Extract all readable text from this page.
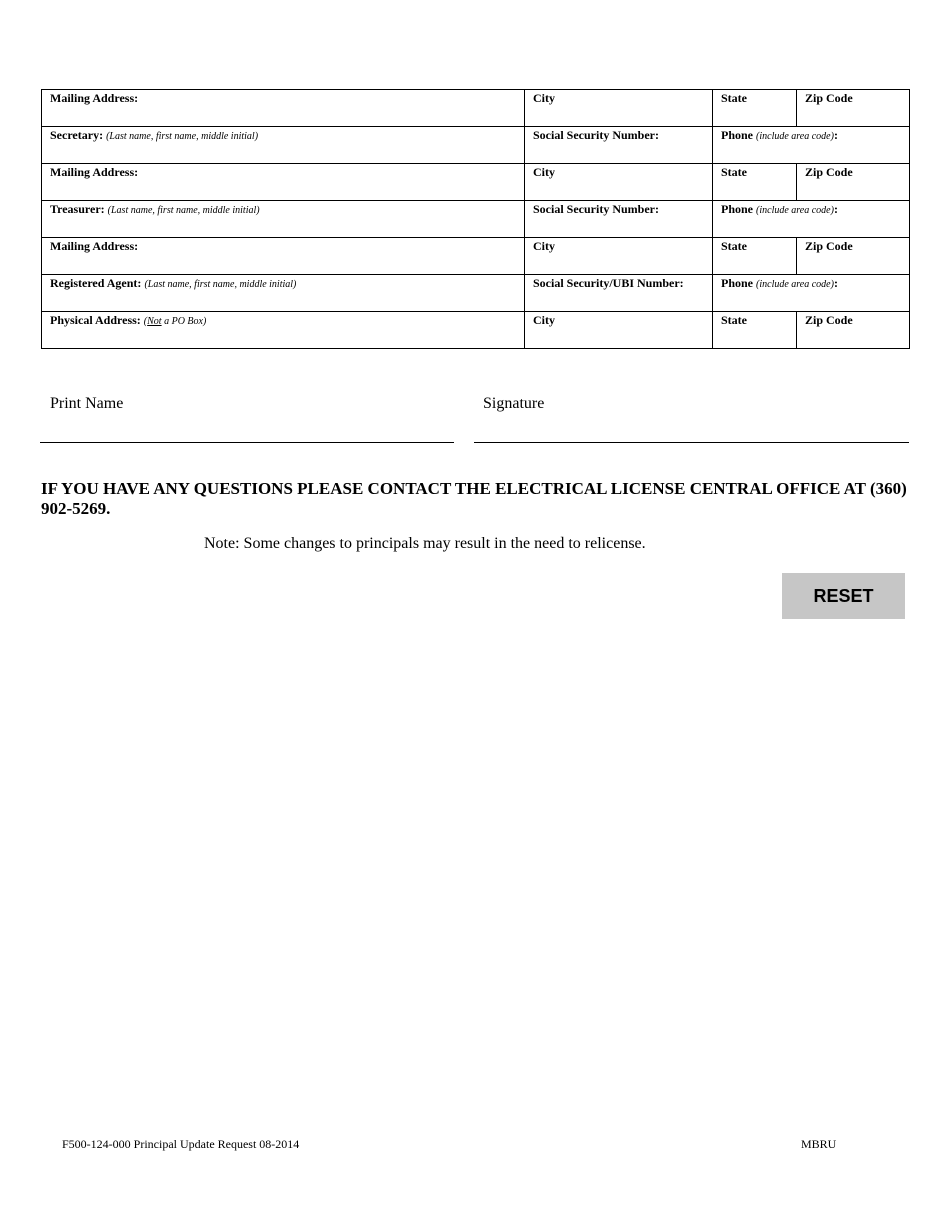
Mailing Address:	City	State	Zip Code
Secretary: (Last name, first name, middle initial)	Social Security Number:	Phone (include area code):	
Mailing Address:	City	State	Zip Code
Treasurer: (Last name, first name, middle initial)	Social Security Number:	Phone (include area code):	
Mailing Address:	City	State	Zip Code
Registered Agent: (Last name, first name, middle initial)	Social Security/UBI Number:	Phone (include area code):	
Physical Address: (Not a PO Box)	City	State	Zip Code
Print Name	Signature
IF YOU HAVE ANY QUESTIONS PLEASE CONTACT THE ELECTRICAL LICENSE CENTRAL OFFICE AT (360) 902-5269.
Note: Some changes to principals may result in the need to relicense.
RESET
F500-124-000 Principal Update Request 08-2014	MBRU
